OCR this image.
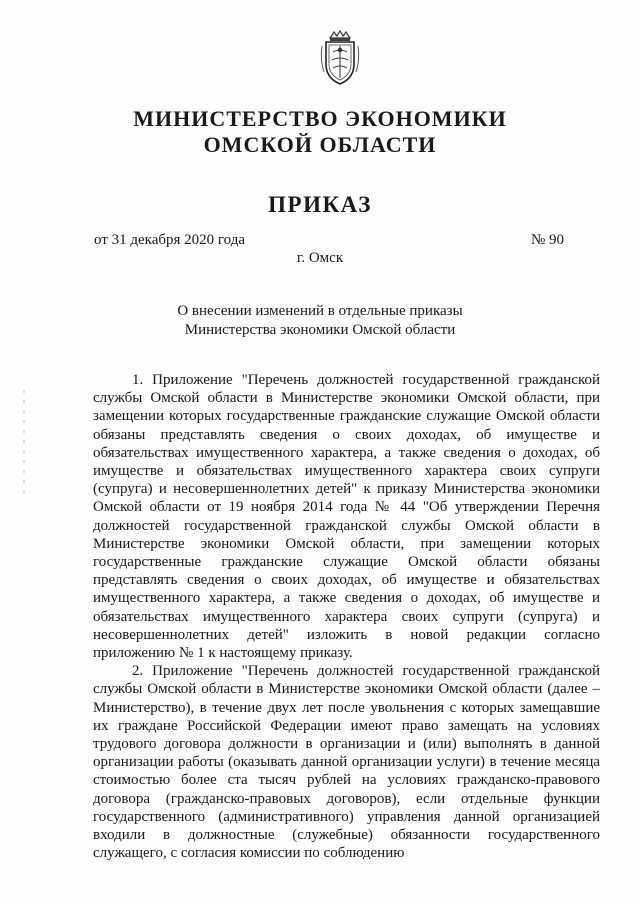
МИНИСТЕРСТВО ЭКОНОМИКИ
ОМСКОЙ ОБЛАСТИ
ПРИКАЗ
от 31 декабря 2020 года	№ 90
г. Омск
О внесении изменений в отдельные приказы
Министерства экономики Омской области

1. Приложение "Перечень должностей государственной гражданской службы Омской области в Министерстве экономики Омской области, при замещении которых государственные гражданские служащие Омской области обязаны представлять сведения о своих доходах, об имуществе и обязательствах имущественного характера, а также сведения о доходах, об имуществе и обязательствах имущественного характера своих супруги (супруга) и несовершеннолетних детей" к приказу Министерства экономики Омской области от 19 ноября 2014 года № 44 "Об утверждении Перечня должностей государственной гражданской службы Омской области в Министерстве экономики Омской области, при замещении которых государственные гражданские служащие Омской области обязаны представлять сведения о своих доходах, об имуществе и обязательствах имущественного характера, а также сведения о доходах, об имуществе и обязательствах имущественного характера своих супруги (супруга) и несовершеннолетних детей" изложить в новой редакции согласно приложению № 1 к настоящему приказу.

2. Приложение "Перечень должностей государственной гражданской службы Омской области в Министерстве экономики Омской области (далее – Министерство), в течение двух лет после увольнения с которых замещавшие их граждане Российской Федерации имеют право замещать на условиях трудового договора должности в организации и (или) выполнять в данной организации работы (оказывать данной организации услуги) в течение месяца стоимостью более ста тысяч рублей на условиях гражданско-правового договора (гражданско-правовых договоров), если отдельные функции государственного (административного) управления данной организацией входили в должностные (служебные) обязанности государственного служащего, с согласия комиссии по соблюдению
